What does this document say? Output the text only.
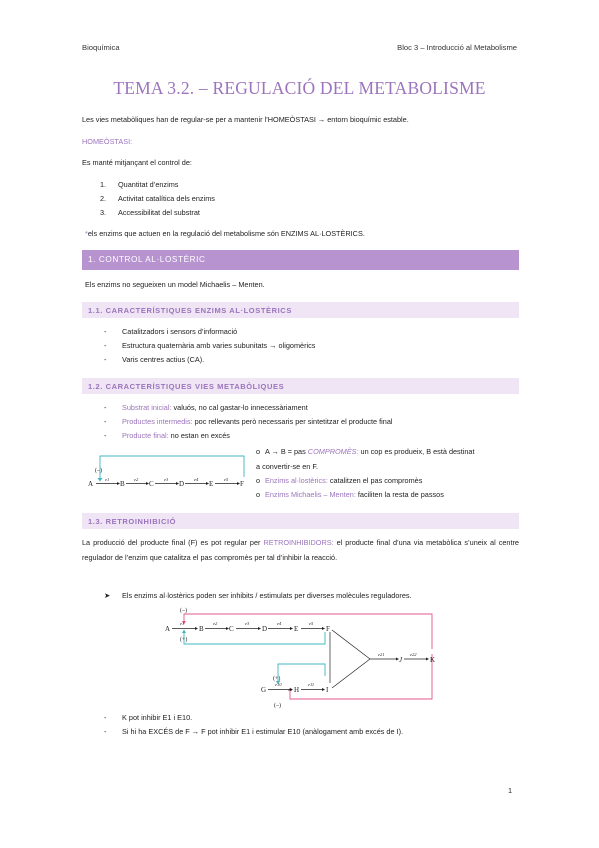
Bioquímica	Bloc 3 – Introducció al Metabolisme
TEMA 3.2. – REGULACIÓ DEL METABOLISME
Les vies metabòliques han de regular-se per a mantenir l’HOMEÒSTASI → entorn bioquímic estable.
HOMEÒSTASI:
Es manté mitjançant el control de:
1. Quantitat d’enzims
2. Activitat catalítica dels enzims
3. Accessibilitat del substrat
*els enzims que actuen en la regulació del metabolisme són ENZIMS AL·LOSTÈRICS.
1. CONTROL AL·LOSTÈRIC
Els enzims no segueixen un model Michaelis – Menten.
1.1. CARACTERÍSTIQUES ENZIMS AL·LOSTÈRICS
- Catalitzadors i sensors d’informació
- Estructura quaternària amb varies subunitats → oligomèrics
- Varis centres actius (CA).
1.2. CARACTERÍSTIQUES VIES METABÒLIQUES
- Substrat inicial: valuós, no cal gastar-lo innecessàriament
- Productes intermedis: poc rellevants però necessaris per sintetitzar el producte final
- Producte final: no estan en excés
(–)
A	B	C	D	E	F
e1	e2	e3	e4	e5
o A → B = pas COMPROMÈS: un cop es produeix, B està destinat
a convertir-se en F.
o Enzims al·lostèrics: catalitzen el pas compromès
o Enzims Michaelis – Menten: faciliten la resta de passos
1.3. RETROINHIBICIÓ
La producció del producte final (F) es pot regular per RETROINHIBIDORS: el producte final d’una via metabòlica s’uneix al centre regulador de l’enzim que catalitza el pas compromès per tal d’inhibir la reacció.
➤ Els enzims al·lostèrics poden ser inhibits / estimulats per diverses molècules reguladores.
(–)
(+)
(+)
(–)
A	B	C	D	E	F
G	H	I
J	K
e1	e2	e3	e4	e5
e10	e11
e21	e22
- K pot inhibir E1 i E10.
- Si hi ha EXCÉS de F → F pot inhibir E1 i estimular E10 (anàlogament amb excés de I).
1
